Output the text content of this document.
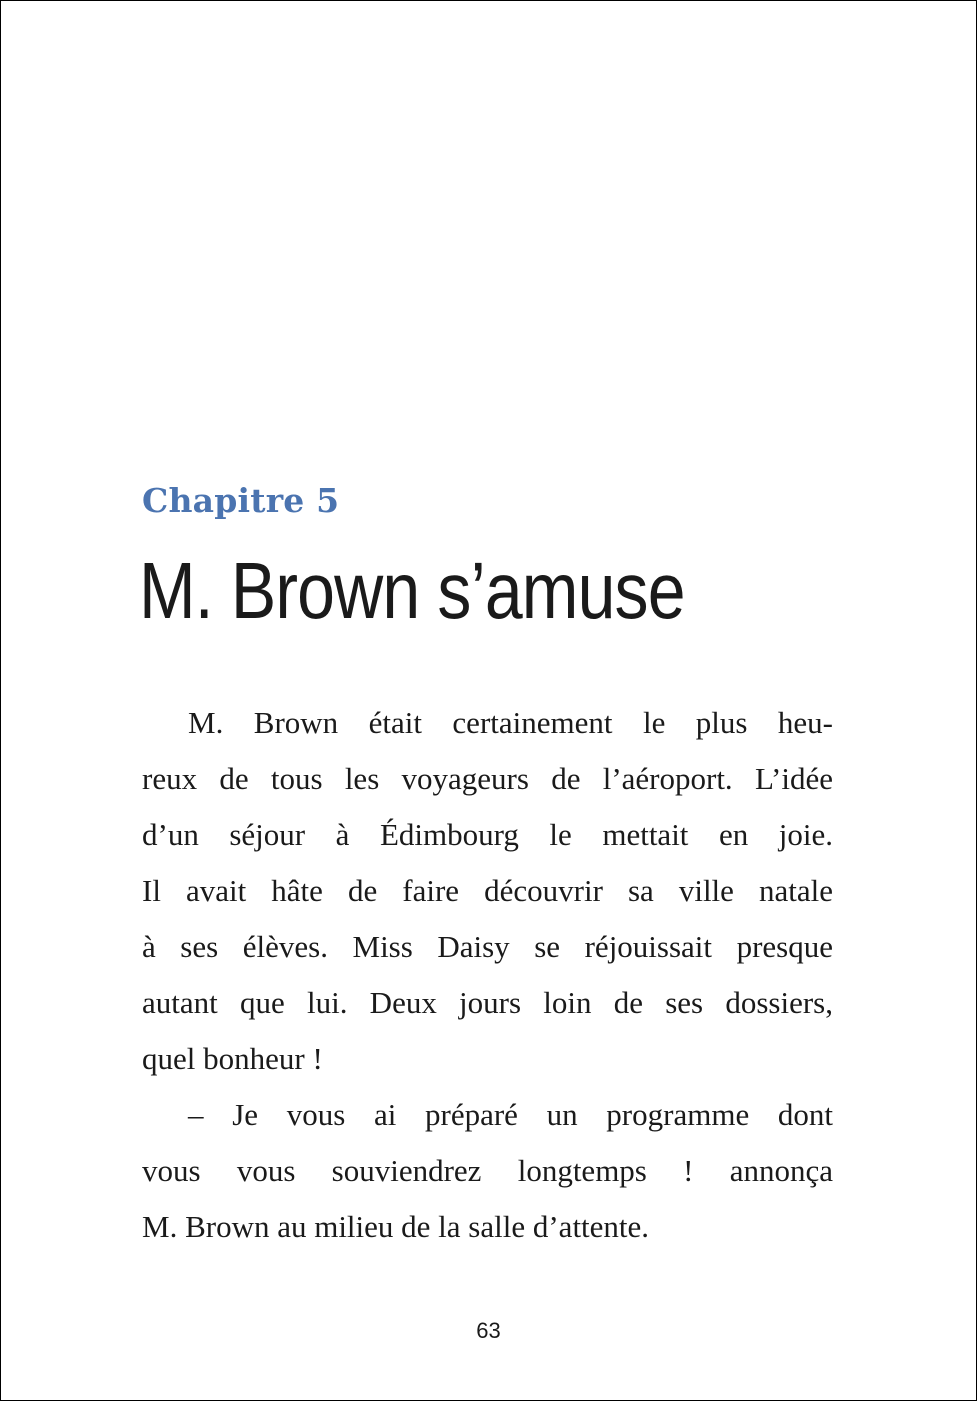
Chapitre 5
M. Brown s’amuse
M. Brown était certainement le plus heu-
reux de tous les voyageurs de l’aéroport. L’idée
d’un séjour à Édimbourg le mettait en joie.
Il avait hâte de faire découvrir sa ville natale
à ses élèves. Miss Daisy se réjouissait presque
autant que lui. Deux jours loin de ses dossiers,
quel bonheur !
– Je vous ai préparé un programme dont
vous vous souviendrez longtemps ! annonça
M. Brown au milieu de la salle d’attente.
63
